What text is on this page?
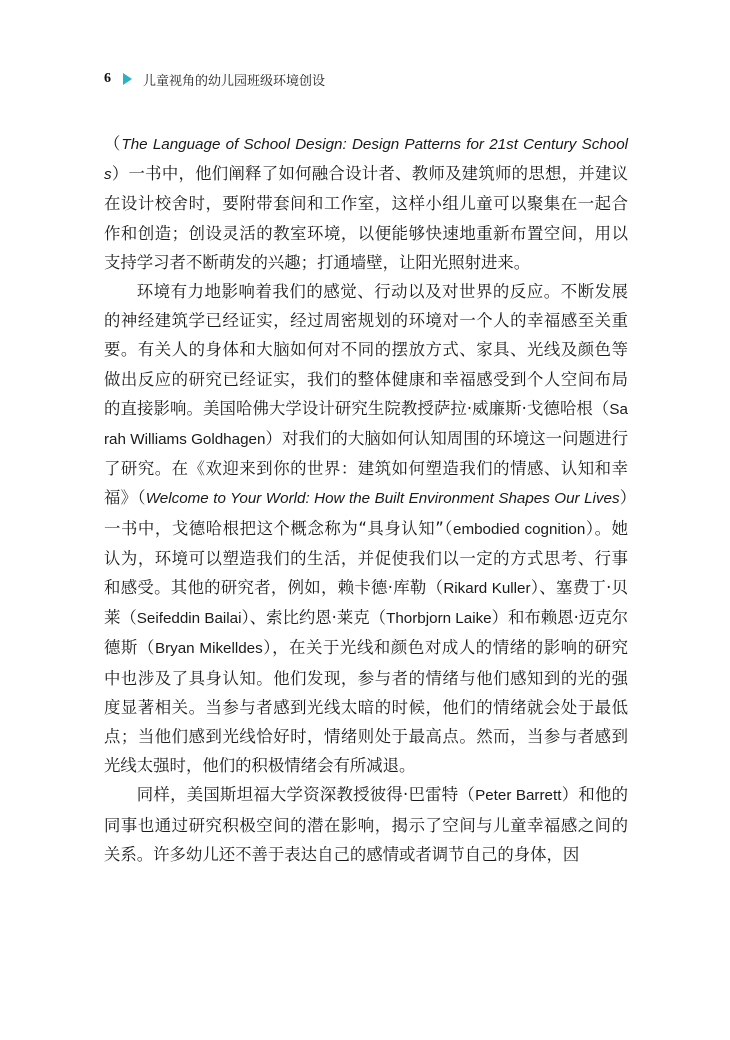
6 儿童视角的幼儿园班级环境创设

（The Language of School Design: Design Patterns for 21st Century Schools）一书中，他们阐释了如何融合设计者、教师及建筑师的思想，并建议在设计校舍时，要附带套间和工作室，这样小组儿童可以聚集在一起合作和创造；创设灵活的教室环境，以便能够快速地重新布置空间，用以支持学习者不断萌发的兴趣；打通墙壁，让阳光照射进来。

环境有力地影响着我们的感觉、行动以及对世界的反应。不断发展的神经建筑学已经证实，经过周密规划的环境对一个人的幸福感至关重要。有关人的身体和大脑如何对不同的摆放方式、家具、光线及颜色等做出反应的研究已经证实，我们的整体健康和幸福感受到个人空间布局的直接影响。美国哈佛大学设计研究生院教授萨拉·威廉斯·戈德哈根（Sarah Williams Goldhagen）对我们的大脑如何认知周围的环境这一问题进行了研究。在《欢迎来到你的世界：建筑如何塑造我们的情感、认知和幸福》（Welcome to Your World: How the Built Environment Shapes Our Lives）一书中，戈德哈根把这个概念称为“具身认知”（embodied cognition）。她认为，环境可以塑造我们的生活，并促使我们以一定的方式思考、行事和感受。其他的研究者，例如，赖卡德·库勒（Rikard Kuller）、塞费丁·贝莱（Seifeddin Bailai）、索比约恩·莱克（Thorbjorn Laike）和布赖恩·迈克尔德斯（Bryan Mikelldes），在关于光线和颜色对成人的情绪的影响的研究中也涉及了具身认知。他们发现，参与者的情绪与他们感知到的光的强度显著相关。当参与者感到光线太暗的时候，他们的情绪就会处于最低点；当他们感到光线恰好时，情绪则处于最高点。然而，当参与者感到光线太强时，他们的积极情绪会有所减退。

同样，美国斯坦福大学资深教授彼得·巴雷特（Peter Barrett）和他的同事也通过研究积极空间的潜在影响，揭示了空间与儿童幸福感之间的关系。许多幼儿还不善于表达自己的感情或者调节自己的身体，因
